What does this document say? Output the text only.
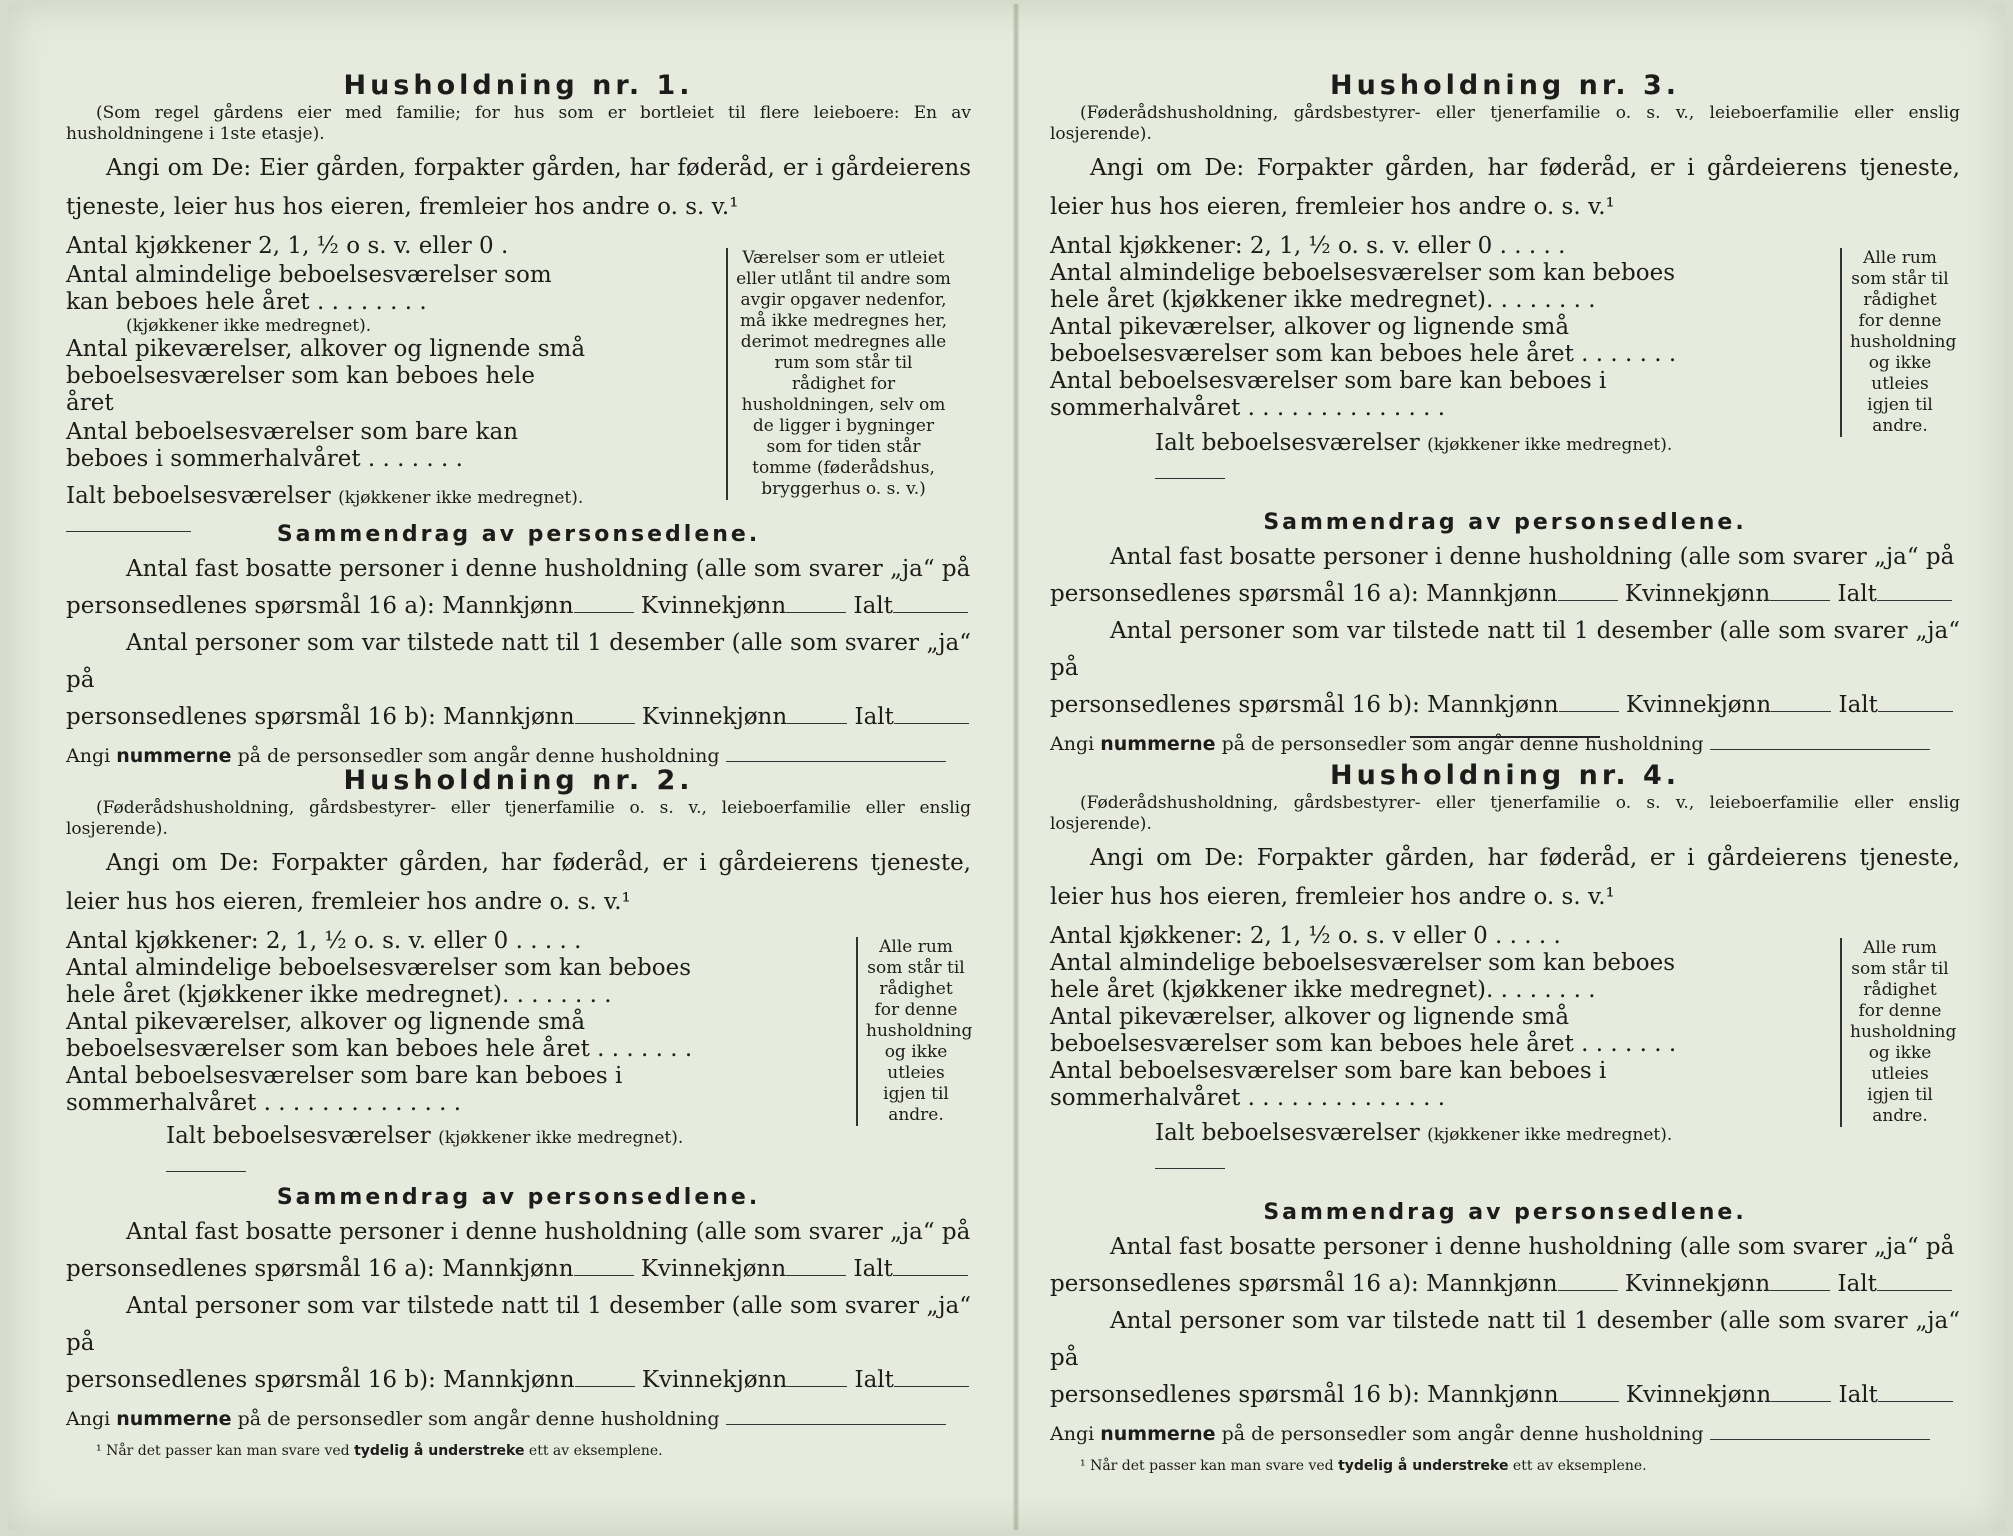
Husholdning nr. 1.

(Som regel gårdens eier med familie; for hus som er bortleiet til flere leieboere: En av husholdningene i 1ste etasje).

Angi om De: Eier gården, forpakter gården, har føderåd, er i gårdeierens tjeneste, leier hus hos eieren, fremleier hos andre o. s. v.¹

Antal kjøkkener 2, 1, ½ o s. v. eller 0 .
Antal almindelige beboelsesværelser som kan beboes hele året . . . . . . . .
(kjøkkener ikke medregnet).
Antal pikeværelser, alkover og lignende små beboelsesværelser som kan beboes hele året
Antal beboelsesværelser som bare kan beboes i sommerhalvåret . . . . . . .
Ialt beboelsesværelser (kjøkkener ikke medregnet).
Værelser som er utleiet eller utlånt til andre som avgir opgaver nedenfor, må ikke medregnes her, derimot medregnes alle rum som står til rådighet for husholdningen, selv om de ligger i bygninger som for tiden står tomme (føderådshus, bryggerhus o. s. v.)
Sammendrag av personsedlene.

Antal fast bosatte personer i denne husholdning (alle som svarer „ja“ på

personsedlenes spørsmål 16 a): Mannkjønn	Kvinnekjønn	Ialt

Antal personer som var tilstede natt til 1 desember (alle som svarer „ja“ på

personsedlenes spørsmål 16 b): Mannkjønn	Kvinnekjønn	Ialt

Angi nummerne på de personsedler som angår denne husholdning

Husholdning nr. 2.

(Føderådshusholdning, gårdsbestyrer- eller tjenerfamilie o. s. v., leieboerfamilie eller enslig losjerende).

Angi om De: Forpakter gården, har føderåd, er i gårdeierens tjeneste, leier hus hos eieren, fremleier hos andre o. s. v.¹

Antal kjøkkener: 2, 1, ½ o. s. v. eller 0 . . . . .
Antal almindelige beboelsesværelser som kan beboes hele året (kjøkkener ikke medregnet). . . . . . . .
Antal pikeværelser, alkover og lignende små beboelsesværelser som kan beboes hele året . . . . . . .
Antal beboelsesværelser som bare kan beboes i sommerhalvåret . . . . . . . . . . . . . .
Ialt beboelsesværelser (kjøkkener ikke medregnet).
Alle rum som står til rådighet for denne husholdning og ikke utleies igjen til andre.
Sammendrag av personsedlene.

Antal fast bosatte personer i denne husholdning (alle som svarer „ja“ på

personsedlenes spørsmål 16 a): Mannkjønn	Kvinnekjønn	Ialt

Antal personer som var tilstede natt til 1 desember (alle som svarer „ja“ på

personsedlenes spørsmål 16 b): Mannkjønn	Kvinnekjønn	Ialt

Angi nummerne på de personsedler som angår denne husholdning

¹ Når det passer kan man svare ved tydelig å understreke ett av eksemplene.
Husholdning nr. 3.

(Føderådshusholdning, gårdsbestyrer- eller tjenerfamilie o. s. v., leieboerfamilie eller enslig losjerende).

Angi om De: Forpakter gården, har føderåd, er i gårdeierens tjeneste, leier hus hos eieren, fremleier hos andre o. s. v.¹

Antal kjøkkener: 2, 1, ½ o. s. v. eller 0 . . . . .
Antal almindelige beboelsesværelser som kan beboes hele året (kjøkkener ikke medregnet). . . . . . . .
Antal pikeværelser, alkover og lignende små beboelsesværelser som kan beboes hele året . . . . . . .
Antal beboelsesværelser som bare kan beboes i sommerhalvåret . . . . . . . . . . . . . .
Ialt beboelsesværelser (kjøkkener ikke medregnet).
Alle rum som står til rådighet for denne husholdning og ikke utleies igjen til andre.
Sammendrag av personsedlene.

Antal fast bosatte personer i denne husholdning (alle som svarer „ja“ på

personsedlenes spørsmål 16 a): Mannkjønn	Kvinnekjønn	Ialt

Antal personer som var tilstede natt til 1 desember (alle som svarer „ja“ på

personsedlenes spørsmål 16 b): Mannkjønn	Kvinnekjønn	Ialt

Angi nummerne på de personsedler som angår denne husholdning

Husholdning nr. 4.

(Føderådshusholdning, gårdsbestyrer- eller tjenerfamilie o. s. v., leieboerfamilie eller enslig losjerende).

Angi om De: Forpakter gården, har føderåd, er i gårdeierens tjeneste, leier hus hos eieren, fremleier hos andre o. s. v.¹

Antal kjøkkener: 2, 1, ½ o. s. v eller 0 . . . . .
Antal almindelige beboelsesværelser som kan beboes hele året (kjøkkener ikke medregnet). . . . . . . .
Antal pikeværelser, alkover og lignende små beboelsesværelser som kan beboes hele året . . . . . . .
Antal beboelsesværelser som bare kan beboes i sommerhalvåret . . . . . . . . . . . . . .
Ialt beboelsesværelser (kjøkkener ikke medregnet).
Alle rum som står til rådighet for denne husholdning og ikke utleies igjen til andre.
Sammendrag av personsedlene.

Antal fast bosatte personer i denne husholdning (alle som svarer „ja“ på

personsedlenes spørsmål 16 a): Mannkjønn	Kvinnekjønn	Ialt

Antal personer som var tilstede natt til 1 desember (alle som svarer „ja“ på

personsedlenes spørsmål 16 b): Mannkjønn	Kvinnekjønn	Ialt

Angi nummerne på de personsedler som angår denne husholdning

¹ Når det passer kan man svare ved tydelig å understreke ett av eksemplene.
